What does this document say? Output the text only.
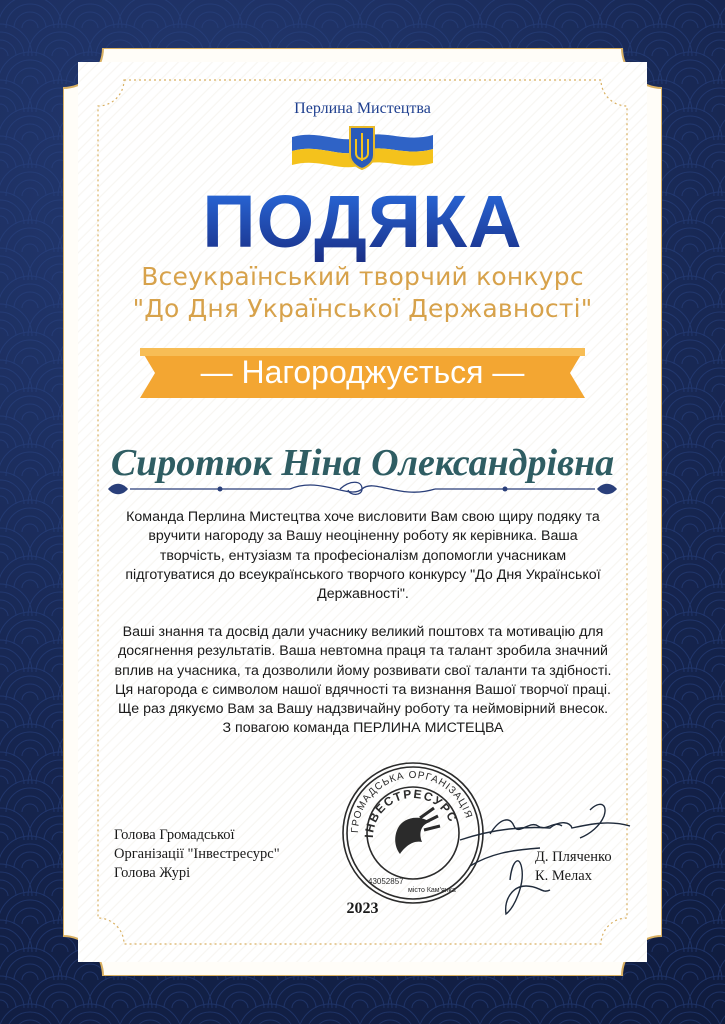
Перлина Мистецтва
ПОДЯКА
Всеукраїнський творчий конкурс
"До Дня Української Державності"
— Нагороджується —
Сиротюк Ніна Олександрівна
Команда Перлина Мистецтва хоче висловити Вам свою щиру подяку та
вручити нагороду за Вашу неоціненну роботу як керівника. Ваша
творчість, ентузіазм та професіоналізм допомогли учасникам
підготуватися до всеукраїнського творчого конкурсу "До Дня Української
Державності".
Ваші знання та досвід дали учаснику великий поштовх та мотивацію для
досягнення результатів. Ваша невтомна праця та талант зробила значний
вплив на учасника, та дозволили йому розвивати свої таланти та здібності.
Ця нагорода є символом нашої вдячності та визнання Вашої творчої праці.
Ще раз дякуємо Вам за Вашу надзвичайну роботу та неймовірний внесок.
З повагою команда ПЕРЛИНА МИСТЕЦВА
ГРОМАДСЬКА ОРГАНІЗАЦІЯ
ІНВЕСТРЕСУРС
43052857
місто Кам'янка
Голова Громадської
Організації "Інвестресурс"
Голова Журі
Д. Пляченко
К. Мелах
2023
